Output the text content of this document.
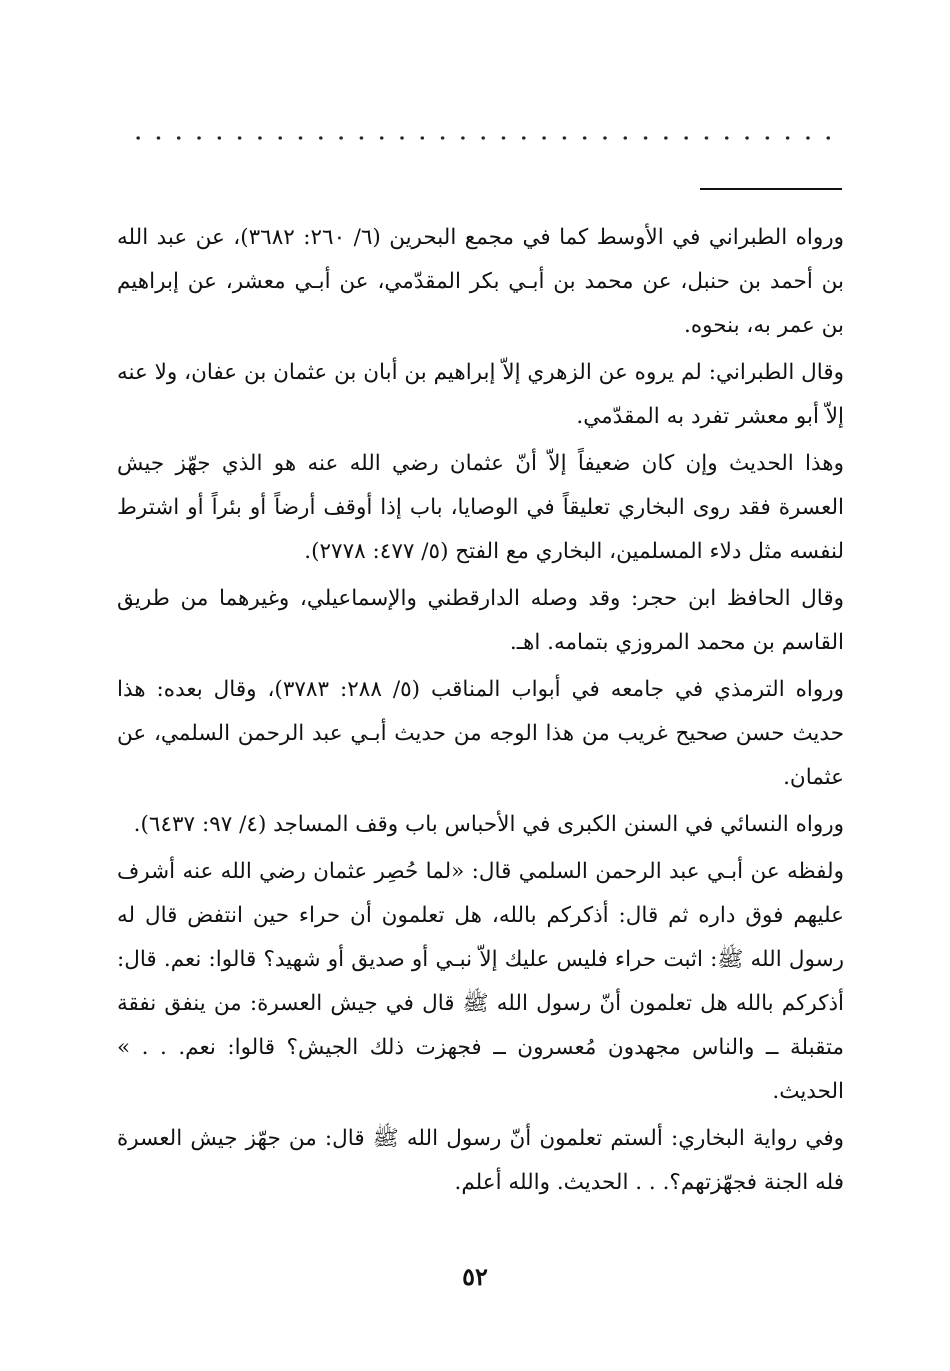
ورواه الطبراني في الأوسط كما في مجمع البحرين (٦/ ٢٦٠: ٣٦٨٢)، عن عبد الله بن أحمد بن حنبل، عن محمد بن أبـي بكر المقدّمي، عن أبـي معشر، عن إبراهيم بن عمر به، بنحوه.

وقال الطبراني: لم يروه عن الزهري إلاّ إبراهيم بن أبان بن عثمان بن عفان، ولا عنه إلاّ أبو معشر تفرد به المقدّمي.

وهذا الحديث وإن كان ضعيفاً إلاّ أنّ عثمان رضي الله عنه هو الذي جهّز جيش العسرة فقد روى البخاري تعليقاً في الوصايا، باب إذا أوقف أرضاً أو بئراً أو اشترط لنفسه مثل دلاء المسلمين، البخاري مع الفتح (٥/ ٤٧٧: ٢٧٧٨).

وقال الحافظ ابن حجر: وقد وصله الدارقطني والإسماعيلي، وغيرهما من طريق القاسم بن محمد المروزي بتمامه. اهـ.

ورواه الترمذي في جامعه في أبواب المناقب (٥/ ٢٨٨: ٣٧٨٣)، وقال بعده: هذا حديث حسن صحيح غريب من هذا الوجه من حديث أبـي عبد الرحمن السلمي، عن عثمان.

ورواه النسائي في السنن الكبرى في الأحباس باب وقف المساجد (٤/ ٩٧: ٦٤٣٧).

ولفظه عن أبـي عبد الرحمن السلمي قال: «لما حُصِر عثمان رضي الله عنه أشرف عليهم فوق داره ثم قال: أذكركم بالله، هل تعلمون أن حراء حين انتفض قال له رسول الله ﷺ: اثبت حراء فليس عليك إلاّ نبـي أو صديق أو شهيد؟ قالوا: نعم. قال: أذكركم بالله هل تعلمون أنّ رسول الله ﷺ قال في جيش العسرة: من ينفق نفقة متقبلة ــ والناس مجهدون مُعسرون ــ فجهزت ذلك الجيش؟ قالوا: نعم. . . » الحديث.

وفي رواية البخاري: ألستم تعلمون أنّ رسول الله ﷺ قال: من جهّز جيش العسرة فله الجنة فجهّزتهم؟. . . الحديث. والله أعلم.

٥٢
